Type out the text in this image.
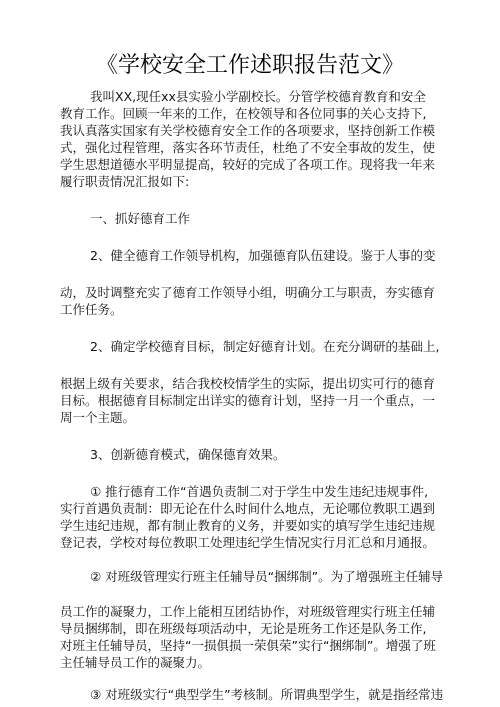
《学校安全工作述职报告范文》
我叫XX,现任xx县实验小学副校长。分管学校德育教育和安全
教育工作。回顾一年来的工作，在校领导和各位同事的关心支持下,
我认真落实国家有关学校德育安全工作的各项要求，坚持创新工作模
式，强化过程管理，落实各环节责任，杜绝了不安全事故的发生，使
学生思想道德水平明显提高，较好的完成了各项工作。现将我一年来
履行职责情况汇报如下:
一、抓好德育工作
2、健全德育工作领导机构，加强德育队伍建设。鉴于人事的变
动，及时调整充实了德育工作领导小组，明确分工与职责，夯实德育
工作任务。
2、确定学校德育目标，制定好德育计划。在充分调研的基础上,
根据上级有关要求，结合我校校情学生的实际，提出切实可行的德育
目标。根据德育目标制定出详实的德育计划，坚持一月一个重点，一
周一个主题。
3、创新德育模式，确保德育效果。
① 推行德育工作“首遇负责制二对于学生中发生违纪违规事件,
实行首遇负责制：即无论在什么时间什么地点，无论哪位教职工遇到
学生违纪违规，都有制止教育的义务，并要如实的填写学生违纪违规
登记表，学校对每位教职工处理违纪学生情况实行月汇总和月通报。
② 对班级管理实行班主任辅导员“捆绑制”。为了增强班主任辅导
员工作的凝聚力，工作上能相互团结协作，对班级管理实行班主任辅
导员捆绑制，即在班级每项活动中，无论是班务工作还是队务工作,
对班主任辅导员，坚持“一损俱损一荣俱荣”实行“捆绑制”。增强了班
主任辅导员工作的凝聚力。
③ 对班级实行“典型学生”考核制。所谓典型学生，就是指经常违
